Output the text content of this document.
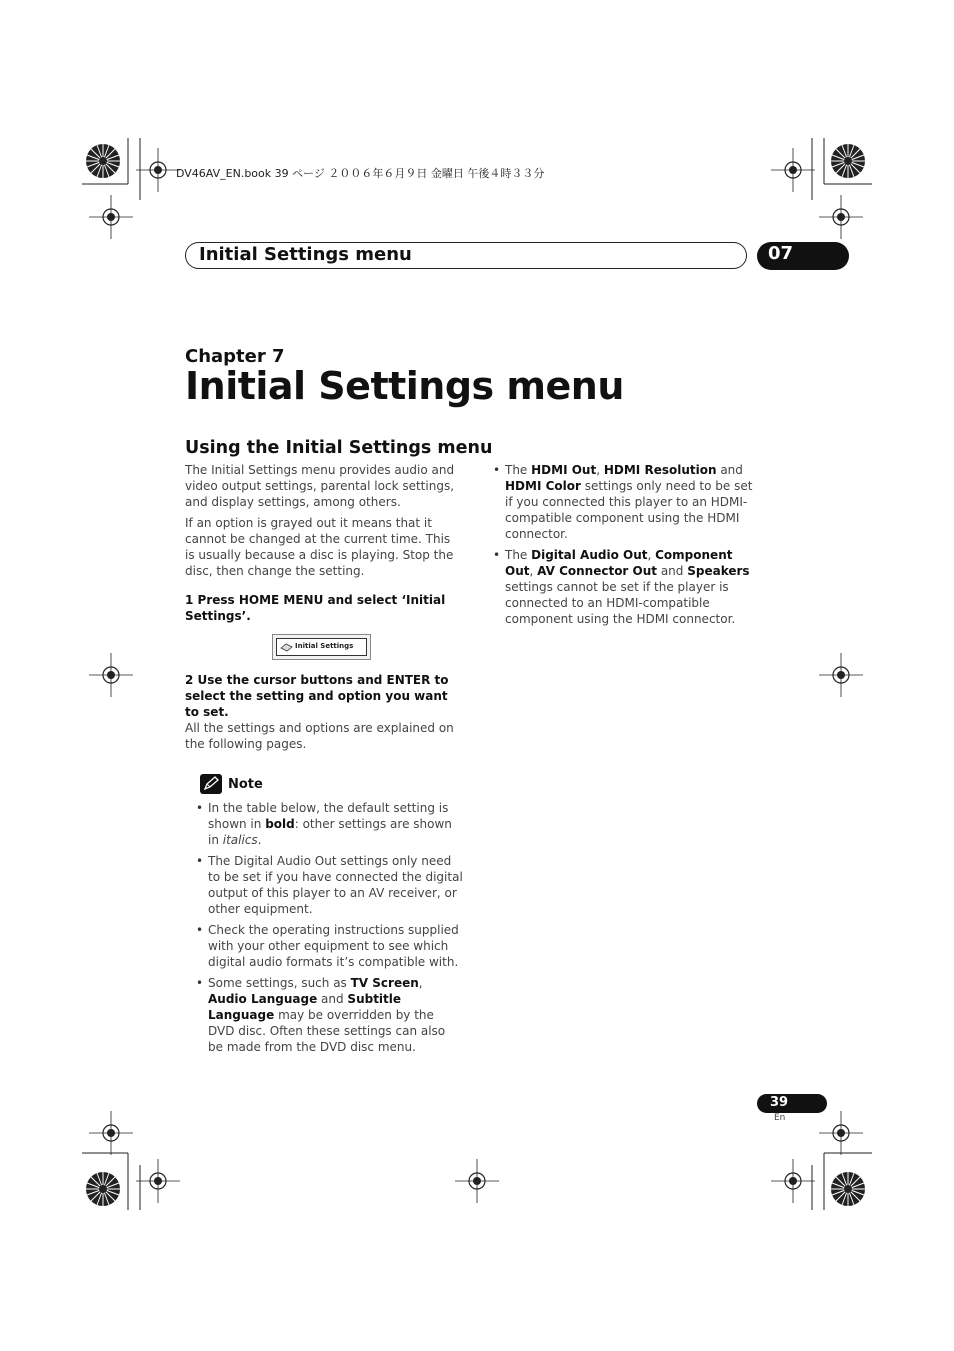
DV46AV_EN.book 39 ページ ２００６年６月９日 金曜日 午後４時３３分
Initial Settings menu	07
Chapter 7
Initial Settings menu
Using the Initial Settings menu

The Initial Settings menu provides audio and video output settings, parental lock settings, and display settings, among others.

If an option is grayed out it means that it cannot be changed at the current time. This is usually because a disc is playing. Stop the disc, then change the setting.

1 Press HOME MENU and select ‘Initial Settings’.

Initial Settings

2 Use the cursor buttons and ENTER to select the setting and option you want to set.

All the settings and options are explained on the following pages.

Note
• In the table below, the default setting is shown in bold: other settings are shown in italics.
• The Digital Audio Out settings only need to be set if you have connected the digital output of this player to an AV receiver, or other equipment.
• Check the operating instructions supplied with your other equipment to see which digital audio formats it’s compatible with.
• Some settings, such as TV Screen, Audio Language and Subtitle Language may be overridden by the DVD disc. Often these settings can also be made from the DVD disc menu.
• The HDMI Out, HDMI Resolution and HDMI Color settings only need to be set if you connected this player to an HDMI-compatible component using the HDMI connector.
• The Digital Audio Out, Component Out, AV Connector Out and Speakers settings cannot be set if the player is connected to an HDMI-compatible component using the HDMI connector.
39
En
